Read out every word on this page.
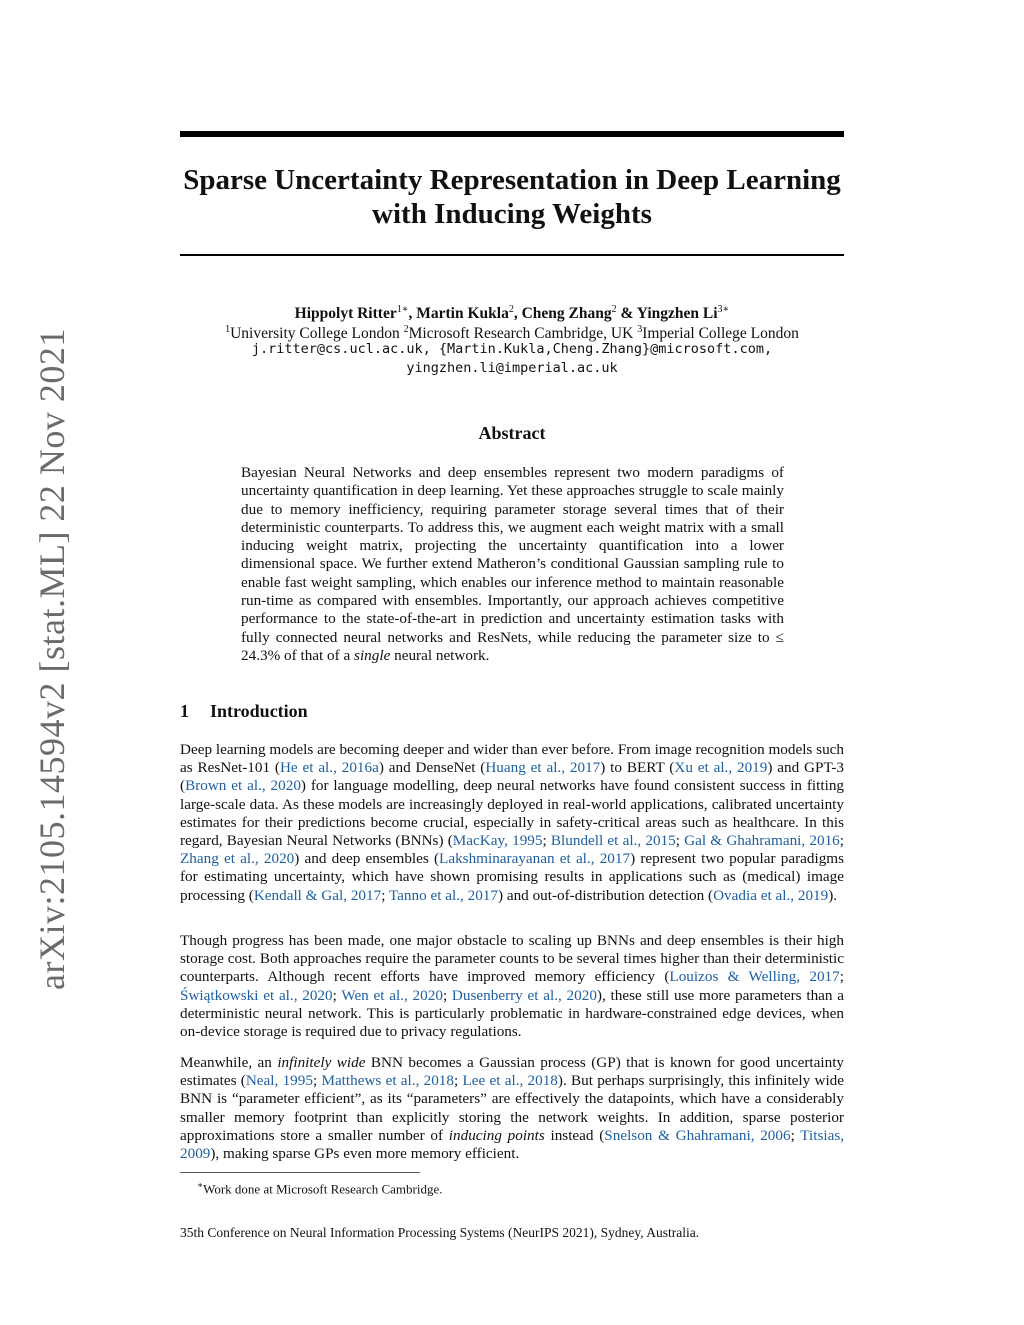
arXiv:2105.14594v2 [stat.ML] 22 Nov 2021
Sparse Uncertainty Representation in Deep Learning
with Inducing Weights
Hippolyt Ritter$^{1∗}$, Martin Kukla$^2$, Cheng Zhang$^2$ & Yingzhen $Li^{3∗}$
$^1$University College London $^2$Microsoft Research Cambridge, UK $^3$Imperial College London
j.ritter@cs.ucl.ac.uk, {Martin.Kukla,Cheng.Zhang}@microsoft.com,
yingzhen.li@imperial.ac.uk
Abstract
Bayesian Neural Networks and deep ensembles represent two modern paradigms of uncertainty quantification in deep learning. Yet these approaches struggle to scale mainly due to memory inefficiency, requiring parameter storage several times that of their deterministic counterparts. To address this, we augment each weight matrix with a small inducing weight matrix, projecting the uncertainty quantification into a lower dimensional space. We further extend Matheron’s conditional Gaussian sampling rule to enable fast weight sampling, which enables our inference method to maintain reasonable run-time as compared with ensembles. Importantly, our approach achieves competitive performance to the state-of-the-art in prediction and uncertainty estimation tasks with fully connected neural networks and ResNets, while reducing the parameter size to ≤ 24.3% of that of a single neural network.
1 Introduction
Deep learning models are becoming deeper and wider than ever before. From image recognition models such as ResNet-101 (He et al., 2016a) and DenseNet (Huang et al., 2017) to BERT (Xu et al., 2019) and GPT-3 (Brown et al., 2020) for language modelling, deep neural networks have found consistent success in fitting large-scale data. As these models are increasingly deployed in real-world applications, calibrated uncertainty estimates for their predictions become crucial, especially in safety-critical areas such as healthcare. In this regard, Bayesian Neural Networks (BNNs) (MacKay, 1995; Blundell et al., 2015; Gal & Ghahramani, 2016; Zhang et al., 2020) and deep ensembles (Lakshminarayanan et al., 2017) represent two popular paradigms for estimating uncertainty, which have shown promising results in applications such as (medical) image processing (Kendall & Gal, 2017; Tanno et al., 2017) and out-of-distribution detection (Ovadia et al., 2019).
Though progress has been made, one major obstacle to scaling up BNNs and deep ensembles is their high storage cost. Both approaches require the parameter counts to be several times higher than their deterministic counterparts. Although recent efforts have improved memory efficiency (Louizos & Welling, 2017; Świątkowski et al., 2020; Wen et al., 2020; Dusenberry et al., 2020), these still use more parameters than a deterministic neural network. This is particularly problematic in hardware-constrained edge devices, when on-device storage is required due to privacy regulations.
Meanwhile, an infinitely wide BNN becomes a Gaussian process (GP) that is known for good uncertainty estimates (Neal, 1995; Matthews et al., 2018; Lee et al., 2018). But perhaps surprisingly, this infinitely wide BNN is “parameter efficient”, as its “parameters” are effectively the datapoints, which have a considerably smaller memory footprint than explicitly storing the network weights. In addition, sparse posterior approximations store a smaller number of inducing points instead (Snelson & Ghahramani, 2006; Titsias, 2009), making sparse GPs even more memory efficient.
∗Work done at Microsoft Research Cambridge.
35th Conference on Neural Information Processing Systems (NeurIPS 2021), Sydney, Australia.
